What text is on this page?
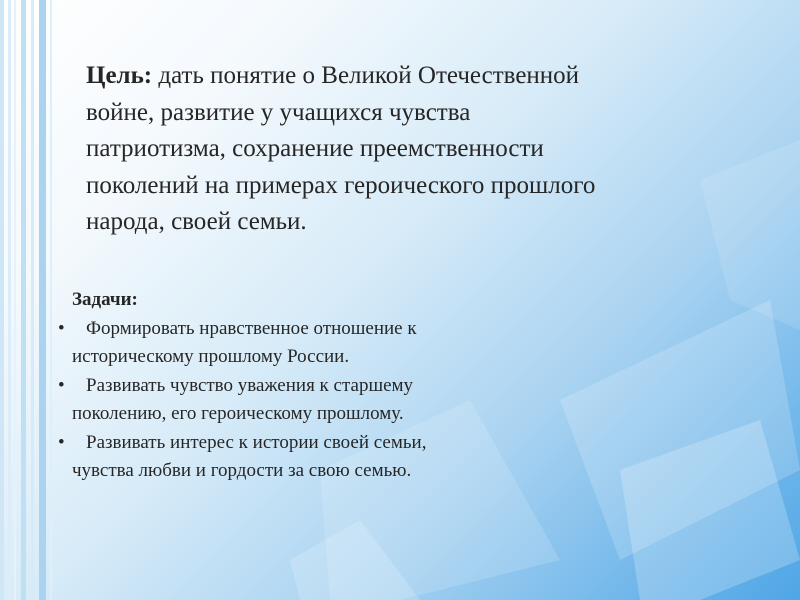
Цель: дать понятие о Великой Отечественной
войне, развитие у учащихся чувства
патриотизма, сохранение преемственности
поколений на примерах героического прошлого
народа, своей семьи.
Задачи:
•	Формировать нравственное отношение к
историческому прошлому России.
•	Развивать чувство уважения к старшему
поколению, его героическому прошлому.
•	Развивать интерес к истории своей семьи,
чувства любви и гордости за свою семью.
